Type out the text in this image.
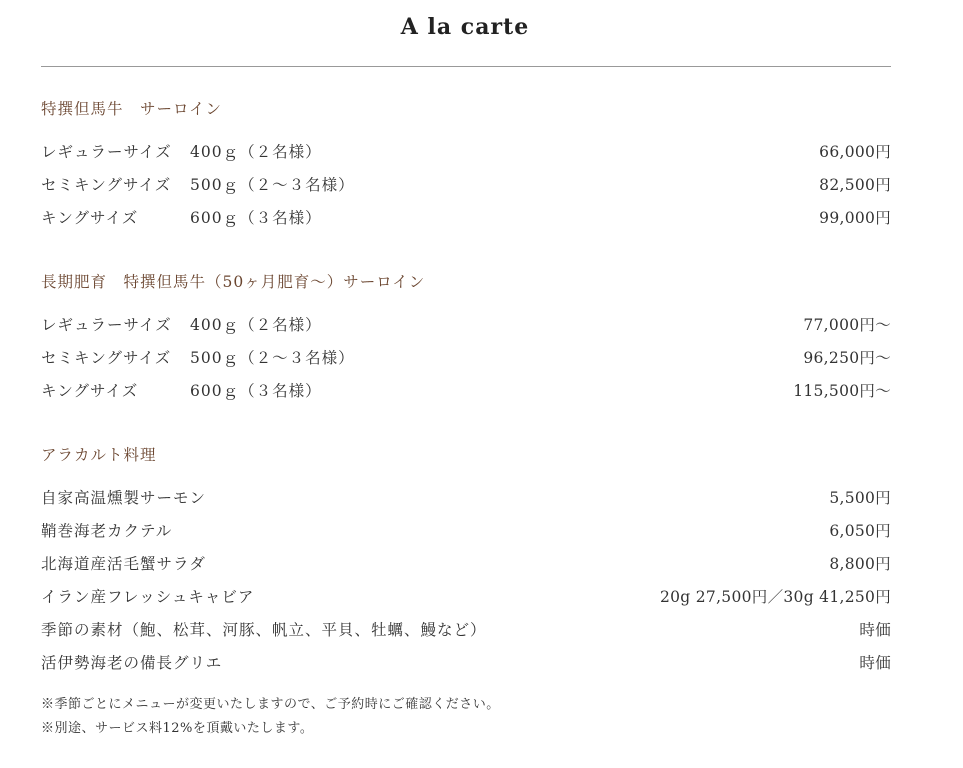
A la carte
特撰但馬牛　サーロイン
レギュラーサイズ 400ｇ（２名様）	66,000円
セミキングサイズ 500ｇ（２～３名様）	82,500円
キングサイズ	600ｇ（３名様）	99,000円
長期肥育　特撰但馬牛（50ヶ月肥育～）サーロイン
レギュラーサイズ 400ｇ（２名様）	77,000円～
セミキングサイズ 500ｇ（２～３名様）	96,250円～
キングサイズ	600ｇ（３名様）	115,500円～
アラカルト料理
自家高温燻製サーモン	5,500円
鞘巻海老カクテル	6,050円
北海道産活毛蟹サラダ	8,800円
イラン産フレッシュキャビア	20g 27,500円／30g 41,250円
季節の素材（鮑、松茸、河豚、帆立、平貝、牡蠣、鰻など）	時価
活伊勢海老の備長グリエ	時価
※季節ごとにメニューが変更いたしますので、ご予約時にご確認ください。
※別途、サービス料12%を頂戴いたします。
